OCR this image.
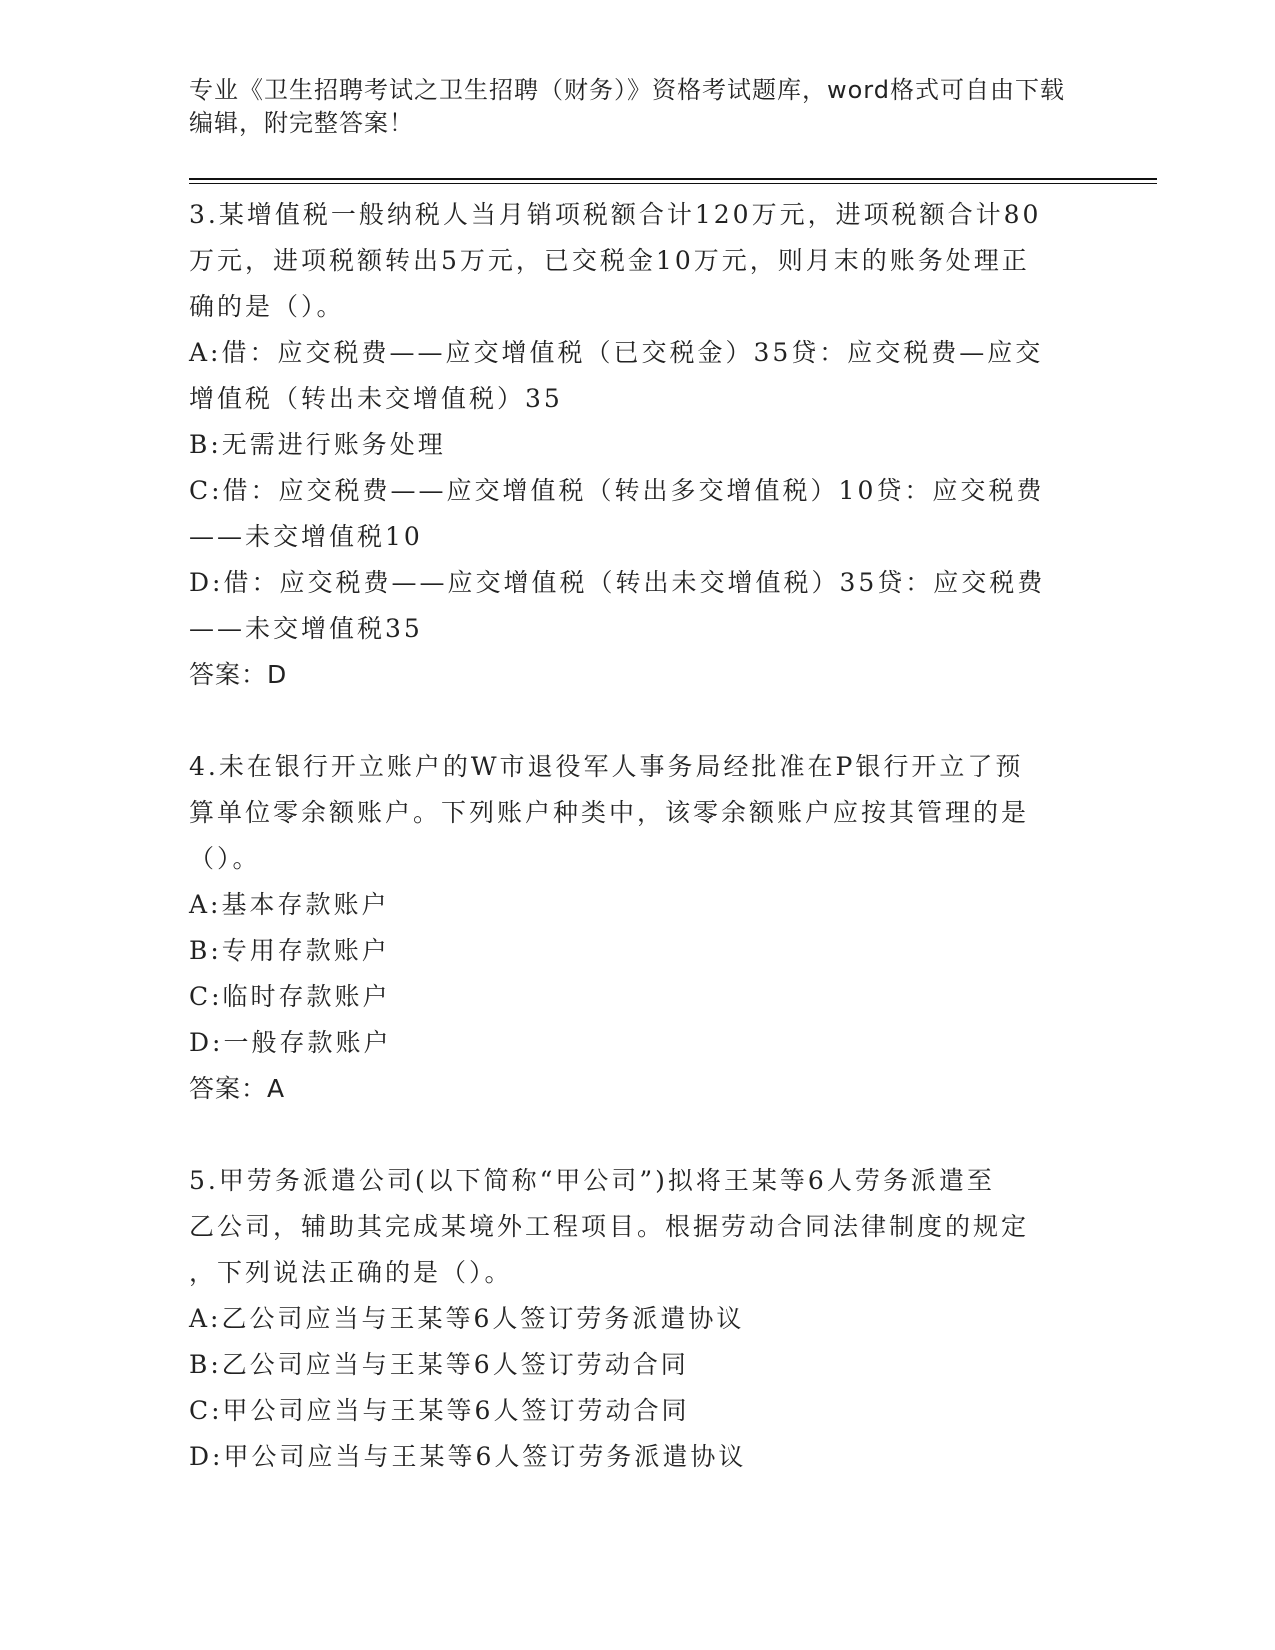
专业《卫生招聘考试之卫生招聘（财务）》资格考试题库，word格式可自由下载
编辑，附完整答案！
3.某增值税一般纳税人当月销项税额合计120万元，进项税额合计80
万元，进项税额转出5万元，已交税金10万元，则月末的账务处理正
确的是（）。
A:借：应交税费——应交增值税（已交税金）35贷：应交税费—应交
增值税（转出未交增值税）35
B:无需进行账务处理
C:借：应交税费——应交增值税（转出多交增值税）10贷：应交税费
——未交增值税10
D:借：应交税费——应交增值税（转出未交增值税）35贷：应交税费
——未交增值税35
答案：D
4.未在银行开立账户的W市退役军人事务局经批准在P银行开立了预
算单位零余额账户。下列账户种类中，该零余额账户应按其管理的是
（）。
A:基本存款账户
B:专用存款账户
C:临时存款账户
D:一般存款账户
答案：A
5.甲劳务派遣公司(以下简称“甲公司”)拟将王某等6人劳务派遣至
乙公司，辅助其完成某境外工程项目。根据劳动合同法律制度的规定
，下列说法正确的是（）。
A:乙公司应当与王某等6人签订劳务派遣协议
B:乙公司应当与王某等6人签订劳动合同
C:甲公司应当与王某等6人签订劳动合同
D:甲公司应当与王某等6人签订劳务派遣协议
